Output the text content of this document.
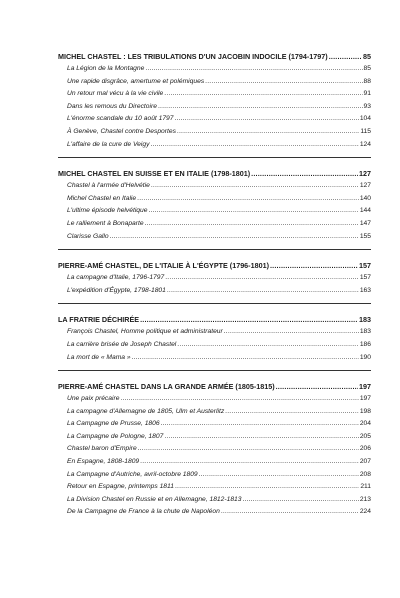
MICHEL CHASTEL : LES TRIBULATIONS D'UN JACOBIN INDOCILE (1794-1797) .....	85
La Légion de la Montagne .....	85
Une rapide disgrâce, amertume et polémiques .....	88
Un retour mal vécu à la vie civile .....	91
Dans les remous du Directoire .....	93
L'énorme scandale du 10 août 1797 .....	104
À Genève, Chastel contre Desportes .....	115
L'affaire de la cure de Veigy .....	124
MICHEL CHASTEL EN SUISSE ET EN ITALIE (1798-1801) .....	127
Chastel à l'armée d'Helvétie .....	127
Michel Chastel en Italie .....	140
L'ultime épisode helvétique .....	144
Le ralliement à Bonaparte .....	147
Clarisse Gallo .....	155
PIERRE-AMÉ CHASTEL, DE L'ITALIE À L'ÉGYPTE (1796-1801) .....	157
La campagne d'Italie, 1796-1797 .....	157
L'expédition d'Égypte, 1798-1801 .....	163
LA FRATRIE DÉCHIRÉE .....	183
François Chastel, Homme politique et administrateur .....	183
La carrière brisée de Joseph Chastel .....	186
La mort de « Mama » .....	190
PIERRE-AMÉ CHASTEL DANS LA GRANDE ARMÉE (1805-1815) .....	197
Une paix précaire .....	197
La campagne d'Allemagne de 1805, Ulm et Austerlitz .....	198
La Campagne de Prusse, 1806 .....	204
La Campagne de Pologne, 1807 .....	205
Chastel baron d'Empire .....	206
En Espagne, 1808-1809 .....	207
La Campagne d'Autriche, avril-octobre 1809 .....	208
Retour en Espagne, printemps 1811 .....	211
La Division Chastel en Russie et en Allemagne, 1812-1813 .....	213
De la Campagne de France à la chute de Napoléon .....	224
